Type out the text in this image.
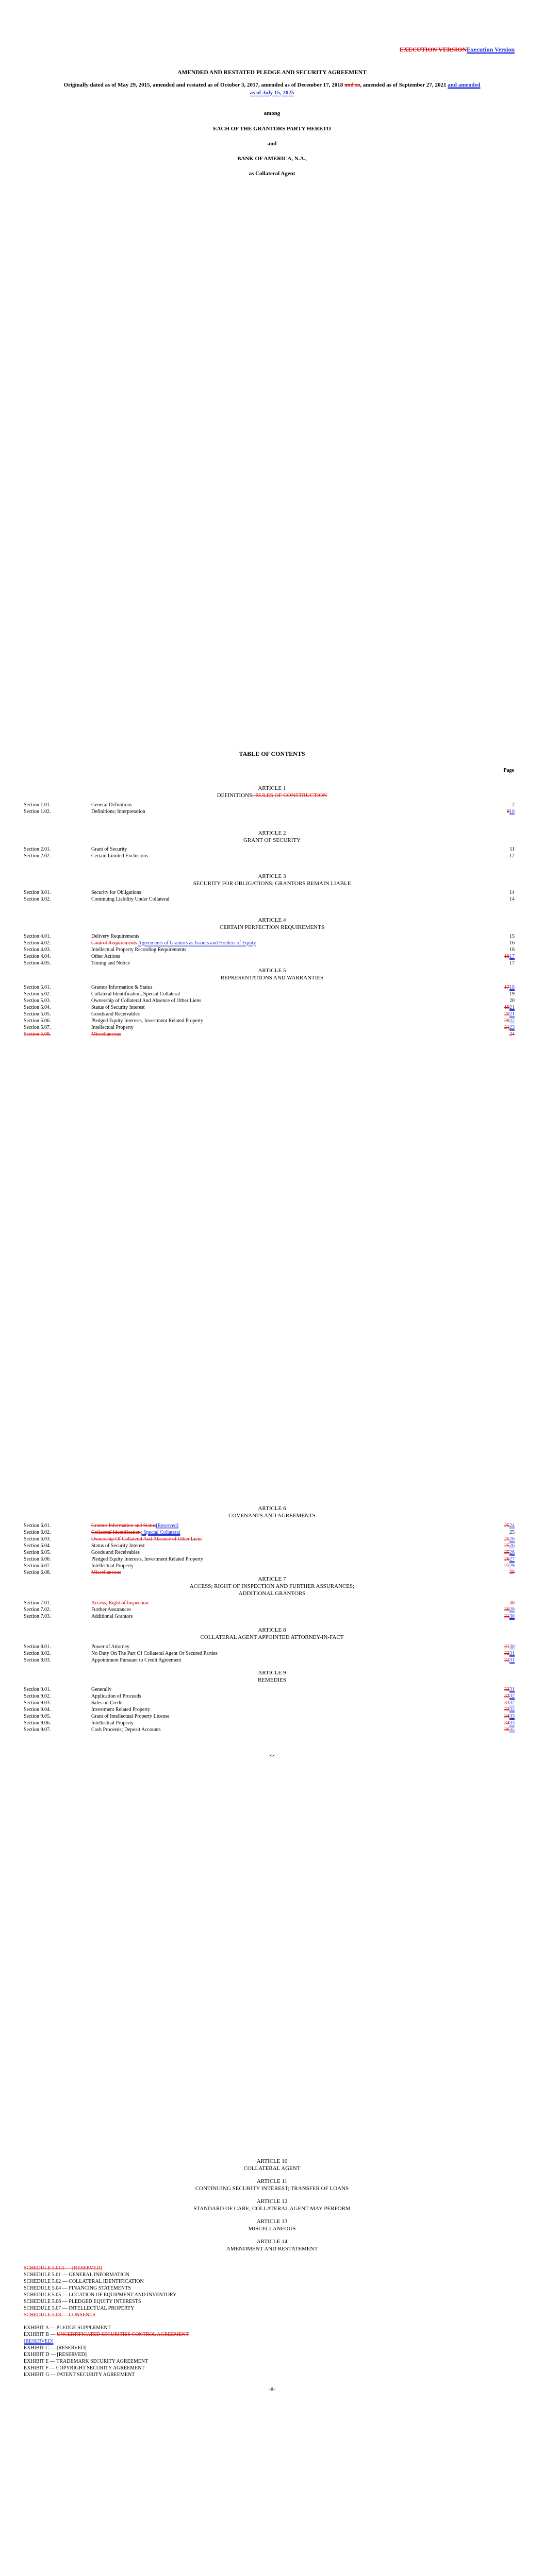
EXECUTION VERSIONExecution Version
AMENDED AND RESTATED PLEDGE AND SECURITY AGREEMENT
Originally dated as of May 29, 2015, amended and restated as of October 3, 2017, amended as of December 17, 2018 and as, amended as of September 27, 2021 and amended as of July 15, 2025
among
EACH OF THE GRANTORS PARTY HERETO
and
BANK OF AMERICA, N.A.,
as Collateral Agent
TABLE OF CONTENTS
Page
ARTICLE 1
DEFINITIONS; RULES OF CONSTRUCTION
Section 1.01.	General Definitions	2
Section 1.02.	Definitions; Interpretation	910
ARTICLE 2
GRANT OF SECURITY
Section 2.01.	Grant of Security	11
Section 2.02.	Certain Limited Exclusions	12
ARTICLE 3
SECURITY FOR OBLIGATIONS; GRANTORS REMAIN LIABLE
Section 3.01.	Security for Obligations	14
Section 3.02.	Continuing Liability Under Collateral	14
ARTICLE 4
CERTAIN PERFECTION REQUIREMENTS
Section 4.01.	Delivery Requirements	15
Section 4.02.	Control Requirements Agreements of Grantors as Issuers and Holders of Equity	16
Section 4.03.	Intellectual Property Recording Requirements	16
Section 4.04.	Other Actions	1617
Section 4.05.	Timing and Notice	17
ARTICLE 5
REPRESENTATIONS AND WARRANTIES
Section 5.01.	Grantor Information & Status	1718
Section 5.02.	Collateral Identification, Special Collateral	19
Section 5.03.	Ownership of Collateral And Absence of Other Liens	20
Section 5.04.	Status of Security Interest	1921
Section 5.05.	Goods and Receivables	2021
Section 5.06.	Pledged Equity Interests, Investment Related Property	2022
Section 5.07.	Intellectual Property	2123
Section 5.08.	Miscellaneous	24
ARTICLE 6
COVENANTS AND AGREEMENTS
Section 6.01.	Grantor Information and Status[Reserved]	2524
Section 6.02.	Collateral Identification; Special Collateral	25
Section 6.03.	Ownership Of Collateral And Absence of Other Liens	2526
Section 6.04.	Status of Security Interest	2526
Section 6.05.	Goods and Receivables	2526
Section 6.06.	Pledged Equity Interests, Investment Related Property	2627
Section 6.07.	Intellectual Property	2729
Section 6.08.	Miscellaneous	29
ARTICLE 7
ACCESS; RIGHT OF INSPECTION AND FURTHER ASSURANCES;
ADDITIONAL GRANTORS
Section 7.01.	Access; Right of Inspection	30
Section 7.02.	Further Assurances	3029
Section 7.03.	Additional Grantors	3130
ARTICLE 8
COLLATERAL AGENT APPOINTED ATTORNEY-IN-FACT
Section 8.01.	Power of Attorney	3130
Section 8.02.	No Duty On The Part Of Collateral Agent Or Secured Parties	3231
Section 8.03.	Appointment Pursuant to Credit Agreement	3231
ARTICLE 9
REMEDIES
Section 9.01.	Generally	3231
Section 9.02.	Application of Proceeds	3332
Section 9.03.	Sales on Credit	3332
Section 9.04.	Investment Related Property	3332
Section 9.05.	Grant of Intellectual Property License	3433
Section 9.06.	Intellectual Property	3433
Section 9.07.	Cash Proceeds; Deposit Accounts	3635
-i-
ARTICLE 10
COLLATERAL AGENT
ARTICLE 11
CONTINUING SECURITY INTEREST; TRANSFER OF LOANS
ARTICLE 12
STANDARD OF CARE; COLLATERAL AGENT MAY PERFORM
ARTICLE 13
MISCELLANEOUS
ARTICLE 14
AMENDMENT AND RESTATEMENT
SCHEDULE 5.01A — [RESERVED]
SCHEDULE 5.01 — GENERAL INFORMATION
SCHEDULE 5.02 — COLLATERAL IDENTIFICATION
SCHEDULE 5.04 — FINANCING STATEMENTS
SCHEDULE 5.05 — LOCATION OF EQUIPMENT AND INVENTORY
SCHEDULE 5.06 — PLEDGED EQUITY INTERESTS
SCHEDULE 5.07 — INTELLECTUAL PROPERTY
SCHEDULE 5.08 — CONSENTS
EXHIBIT A — PLEDGE SUPPLEMENT
EXHIBIT B — UNCERTIFICATED SECURITIES CONTROL AGREEMENT
[RESERVED]
EXHIBIT C — [RESERVED]
EXHIBIT D — [RESERVED]
EXHIBIT E — TRADEMARK SECURITY AGREEMENT
EXHIBIT F — COPYRIGHT SECURITY AGREEMENT
EXHIBIT G — PATENT SECURITY AGREEMENT
-ii-
